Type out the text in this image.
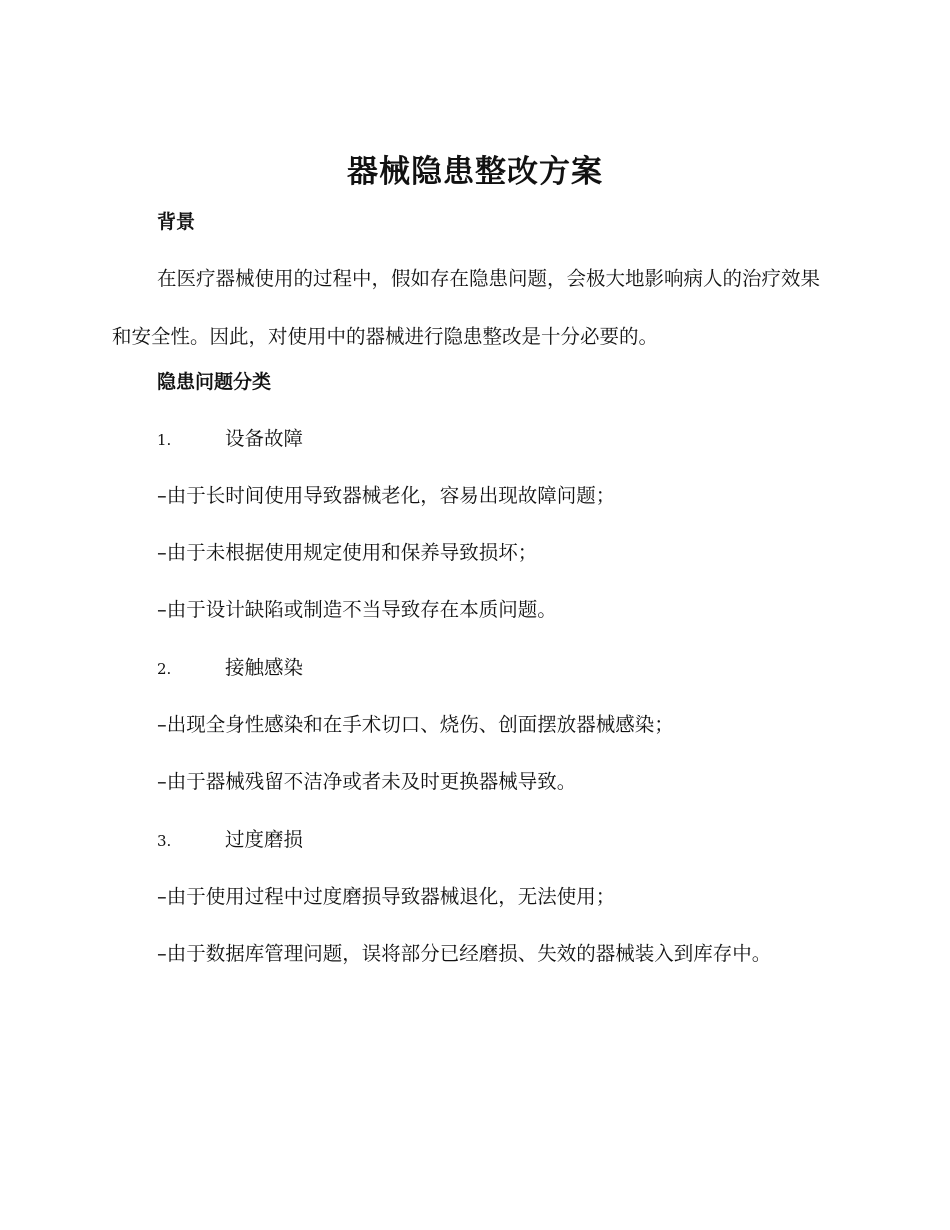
器械隐患整改方案
背景

在医疗器械使用的过程中，假如存在隐患问题，会极大地影响病人的治疗效果和安全性。因此，对使用中的器械进行隐患整改是十分必要的。

隐患问题分类
1.	设备故障
–由于长时间使用导致器械老化，容易出现故障问题；
–由于未根据使用规定使用和保养导致损坏；
–由于设计缺陷或制造不当导致存在本质问题。
2.	接触感染
–出现全身性感染和在手术切口、烧伤、创面摆放器械感染；
–由于器械残留不洁净或者未及时更换器械导致。
3.	过度磨损
–由于使用过程中过度磨损导致器械退化，无法使用；

–由于数据库管理问题，误将部分已经磨损、失效的器械装入到库存中。
